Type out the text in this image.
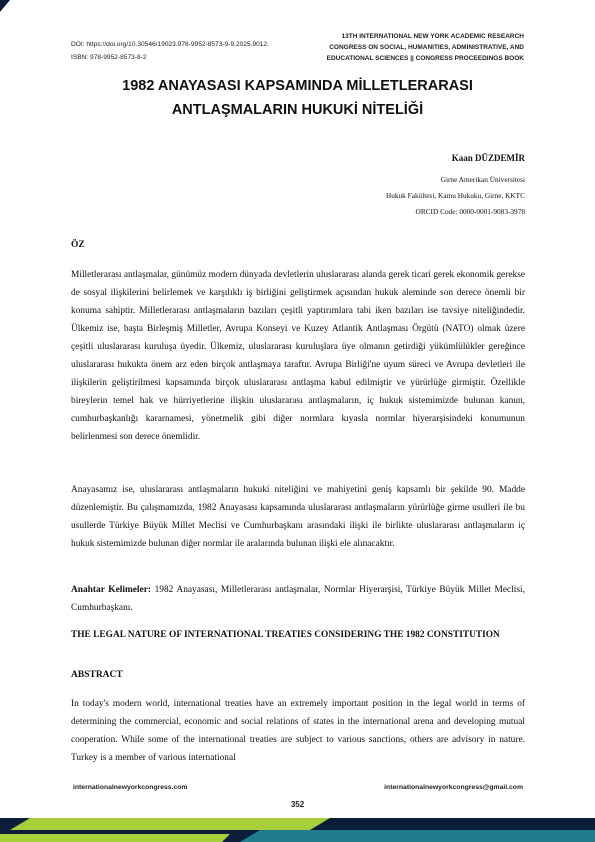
DOI: https://doi.org/10.30546/19023.978-9952-8573-9-9.2025.9012.
ISBN: 978-9952-8573-8-2
13TH INTERNATIONAL NEW YORK ACADEMIC RESEARCH
CONGRESS ON SOCIAL, HUMANITIES, ADMINISTRATIVE, AND
EDUCATIONAL SCIENCES || CONGRESS PROCEEDINGS BOOK
1982 ANAYASASI KAPSAMINDA MİLLETLERARASI
ANTLAŞMALARIN HUKUKİ NİTELİĞİ
Kaan DÜZDEMİR
Girne Amerikan Üniversitesi
Hukuk Fakültesi, Kamu Hukuku, Girne, KKTC
ORCID Code: 0000-0001-9083-3978
ÖZ

Milletlerarası antlaşmalar, günümüz modern dünyada devletlerin uluslararası alanda gerek ticari gerek ekonomik gerekse de sosyal ilişkilerini belirlemek ve karşılıklı iş birliğini geliştirmek açısından hukuk aleminde son derece önemli bir konuma sahiptir. Milletlerarası antlaşmaların bazıları çeşitli yaptırımlara tabi iken bazıları ise tavsiye niteliğindedir. Ülkemiz ise, başta Birleşmiş Milletler, Avrupa Konseyi ve Kuzey Atlantik Antlaşması Örgütü (NATO) olmak üzere çeşitli uluslararası kuruluşa üyedir. Ülkemiz, uluslararası kuruluşlara üye olmanın getirdiği yükümlülükler gereğince uluslararası hukukta önem arz eden birçok antlaşmaya taraftır. Avrupa Birliği'ne uyum süreci ve Avrupa devletleri ile ilişkilerin geliştirilmesi kapsamında birçok uluslararası antlaşma kabul edilmiştir ve yürürlüğe girmiştir. Özellikle bireylerin temel hak ve hürriyetlerine ilişkin uluslararası antlaşmaların, iç hukuk sistemimizde bulunan kanun, cumhurbaşkanlığı kararnamesi, yönetmelik gibi diğer normlara kıyasla normlar hiyerarşisindeki konumunun belirlenmesi son derece önemlidir.

Anayasamız ise, uluslararası antlaşmaların hukuki niteliğini ve mahiyetini geniş kapsamlı bir şekilde 90. Madde düzenlemiştir. Bu çalışmamızda, 1982 Anayasası kapsamında uluslararası antlaşmaların yürürlüğe girme usulleri ile bu usullerde Türkiye Büyük Millet Meclisi ve Cumhurbaşkanı arasındaki ilişki ile birlikte uluslararası antlaşmaların iç hukuk sistemimizde bulunan diğer normlar ile aralarında bulunan ilişki ele alınacaktır.

Anahtar Kelimeler: 1982 Anayasası, Milletlerarası antlaşmalar, Normlar Hiyerarşisi, Türkiye Büyük Millet Meclisi, Cumhurbaşkanı.

THE LEGAL NATURE OF INTERNATIONAL TREATIES CONSIDERING THE 1982 CONSTITUTION

ABSTRACT

In today's modern world, international treaties have an extremely important position in the legal world in terms of determining the commercial, economic and social relations of states in the international arena and developing mutual cooperation. While some of the international treaties are subject to various sanctions, others are advisory in nature. Turkey is a member of various international

internationalnewyorkcongress.com	internationalnewyorkcongress@gmail.com
352
